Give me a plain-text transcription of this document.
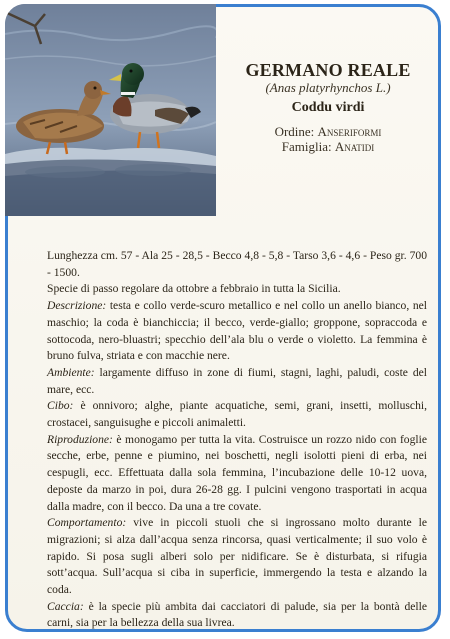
GERMANO REALE
(Anas platyrhynchos L.)
Coddu virdi
Ordine: Anseriformi
Famiglia: Anatidi

Lunghezza cm. 57 - Ala 25 - 28,5 - Becco 4,8 - 5,8 - Tarso 3,6 - 4,6 - Peso gr. 700 - 1500.

Specie di passo regolare da ottobre a febbraio in tutta la Sicilia.

Descrizione: testa e collo verde-scuro metallico e nel collo un anello bianco, nel maschio; la coda è bianchiccia; il becco, verde-giallo; groppone, sopraccoda e sottocoda, nero-bluastri; specchio dell’ala blu o verde o violetto. La femmina è bruno fulva, striata e con macchie nere.

Ambiente: largamente diffuso in zone di fiumi, stagni, laghi, paludi, coste del mare, ecc.

Cibo: è onnivoro; alghe, piante acquatiche, semi, grani, insetti, molluschi, crostacei, sanguisughe e piccoli animaletti.

Riproduzione: è monogamo per tutta la vita. Costruisce un rozzo nido con foglie secche, erbe, penne e piumino, nei boschetti, negli isolotti pieni di erba, nei cespugli, ecc. Effettuata dalla sola femmina, l’incubazione delle 10-12 uova, deposte da marzo in poi, dura 26-28 gg. I pulcini vengono trasportati in acqua dalla madre, con il becco. Da una a tre covate.

Comportamento: vive in piccoli stuoli che si ingrossano molto durante le migrazioni; si alza dall’acqua senza rincorsa, quasi verticalmente; il suo volo è rapido. Si posa sugli alberi solo per nidificare. Se è disturbata, si rifugia sott’acqua. Sull’acqua si ciba in superficie, immergendo la testa e alzando la coda.

Caccia: è la specie più ambita dai cacciatori di palude, sia per la bontà delle carni, sia per la bellezza della sua livrea.
